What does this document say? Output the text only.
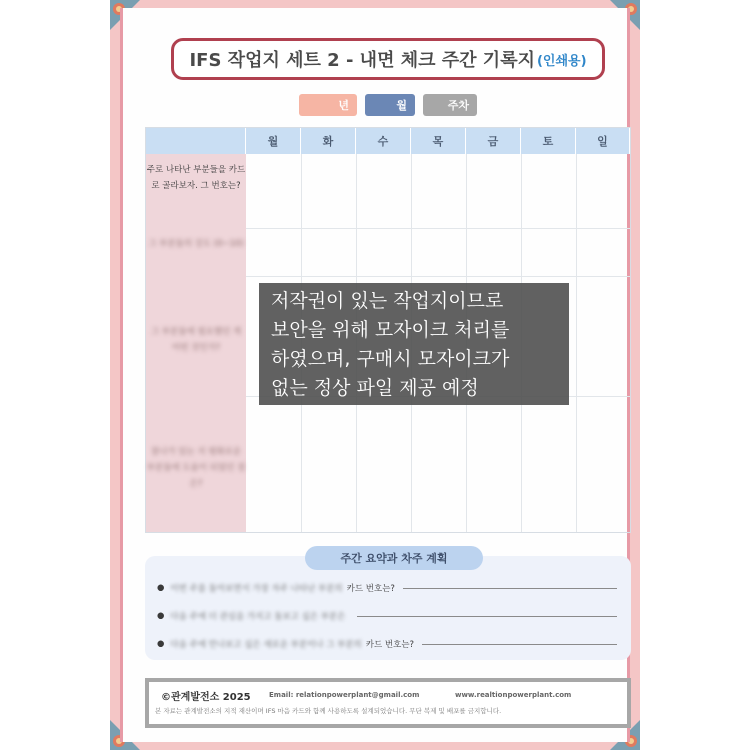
IFS 작업지 세트 2 - 내면 체크 주간 기록지 (인쇄용)
년	월	주차
월	화	수	목	금	토	일
주로 나타난 부분들을 카드로 골라보자. 그 번호는?
그 부분들의 강도 (0~10)
그 부분들에 필요했던 게 어떤 것인가?
참나가 있는 지 평화로운 부분들에 도움이 되었던 점은?
저작권이 있는 작업지이므로
보안을 위해 모자이크 처리를
하였으며, 구매시 모자이크가
없는 정상 파일 제공 예정
주간 요약과 차주 계획
● 이번 주를 돌아보면서 가장 자주 나타난 부분의 카드 번호는?
● 다음 주에 더 관심을 가지고 돌보고 싶은 부분은
● 다음 주에 만나보고 싶은 새로운 부분이나 그 부분의 카드 번호는?
©관계발전소 2025	Email: relationpowerplant@gmail.com	www.realtionpowerplant.com
본 자료는 관계발전소의 지적 재산이며 IFS 마음 카드와 함께 사용하도록 설계되었습니다. 무단 복제 및 배포를 금지합니다.
